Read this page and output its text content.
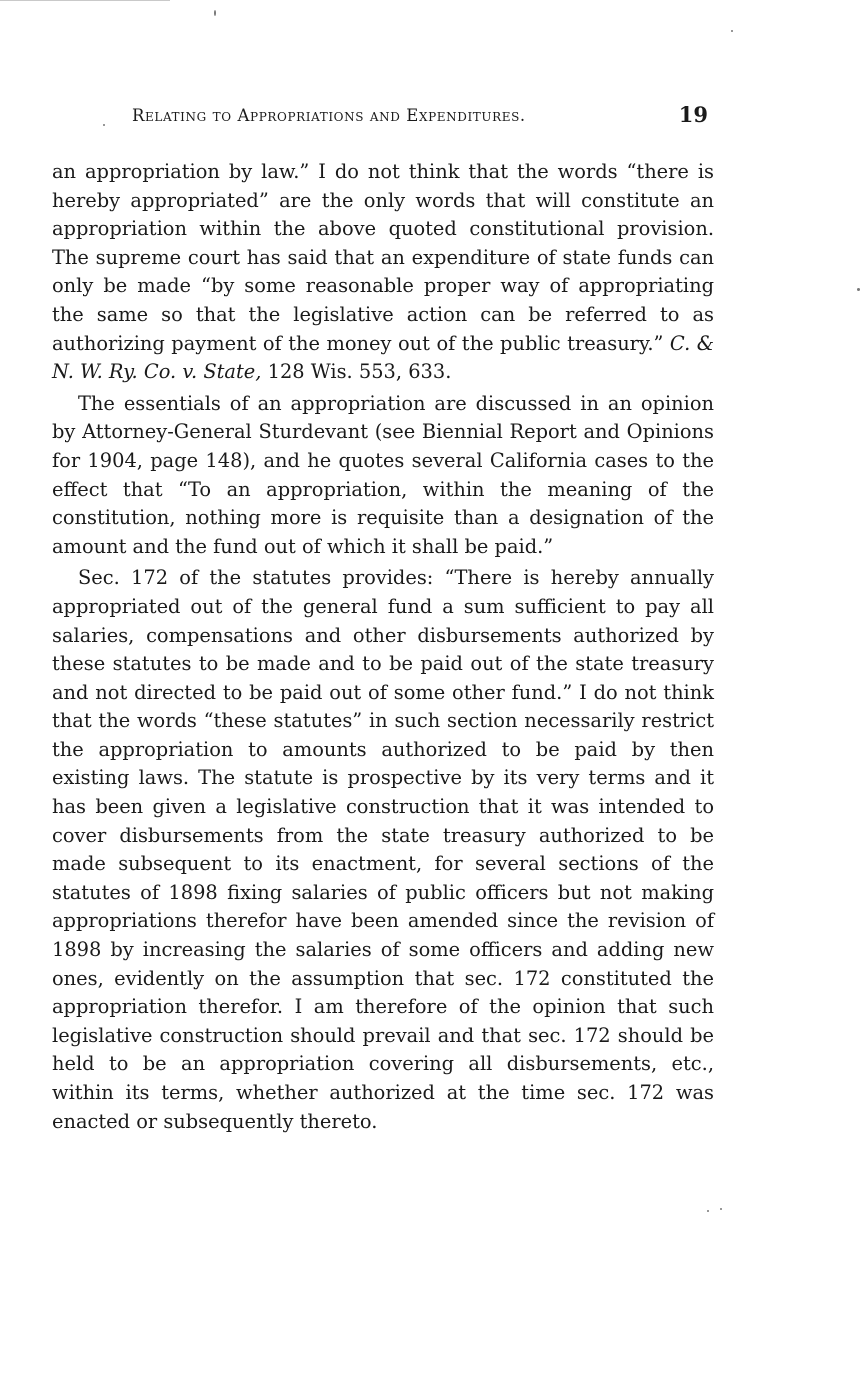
Relating to Appropriations and Expenditures.	19

an appropriation by law.” I do not think that the words “there is hereby appropriated” are the only words that will constitute an appropriation within the above quoted constitutional provision. The supreme court has said that an expenditure of state funds can only be made “by some reasonable proper way of appropriating the same so that the legislative action can be referred to as authorizing payment of the money out of the public treasury.” C. & N. W. Ry. Co. v. State, 128 Wis. 553, 633.

The essentials of an appropriation are discussed in an opinion by Attorney-General Sturdevant (see Biennial Report and Opinions for 1904, page 148), and he quotes several California cases to the effect that “To an appropriation, within the meaning of the constitution, nothing more is requisite than a designation of the amount and the fund out of which it shall be paid.”

Sec. 172 of the statutes provides: “There is hereby annually appropriated out of the general fund a sum sufficient to pay all salaries, compensations and other disbursements authorized by these statutes to be made and to be paid out of the state treasury and not directed to be paid out of some other fund.” I do not think that the words “these statutes” in such section necessarily restrict the appropriation to amounts authorized to be paid by then existing laws. The statute is prospective by its very terms and it has been given a legislative construction that it was intended to cover disbursements from the state treasury authorized to be made subsequent to its enactment, for several sections of the statutes of 1898 fixing salaries of public officers but not making appropriations therefor have been amended since the revision of 1898 by increasing the salaries of some officers and adding new ones, evidently on the assumption that sec. 172 constituted the appropriation therefor. I am therefore of the opinion that such legislative construction should prevail and that sec. 172 should be held to be an appropriation covering all disbursements, etc., within its terms, whether authorized at the time sec. 172 was enacted or subsequently thereto.
